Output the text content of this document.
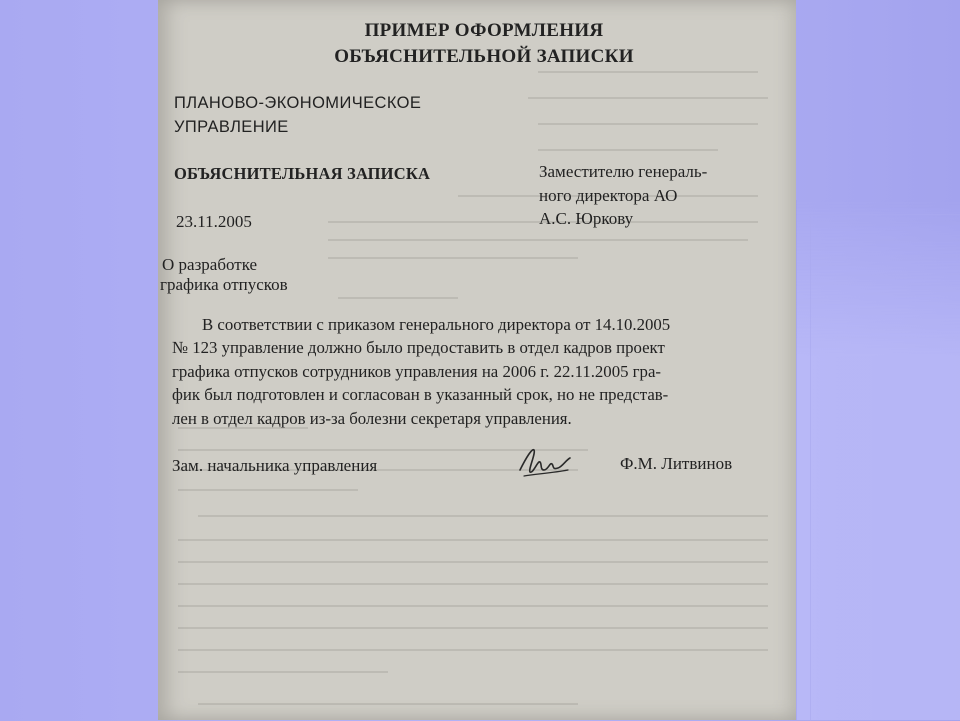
ПРИМЕР ОФОРМЛЕНИЯ
ОБЪЯСНИТЕЛЬНОЙ ЗАПИСКИ
ПЛАНОВО-ЭКОНОМИЧЕСКОЕ
УПРАВЛЕНИЕ
ОБЪЯСНИТЕЛЬНАЯ ЗАПИСКА
23.11.2005
О разработке
графика отпусков
Заместителю генераль-
ного директора АО
А.С. Юркову

В соответствии с приказом генерального директора от 14.10.2005

№ 123 управление должно было предоставить в отдел кадров проект

графика отпусков сотрудников управления на 2006 г. 22.11.2005 гра-

фик был подготовлен и согласован в указанный срок, но не представ-

лен в отдел кадров из-за болезни секретаря управления.

Зам. начальника управления	Ф.М. Литвинов
